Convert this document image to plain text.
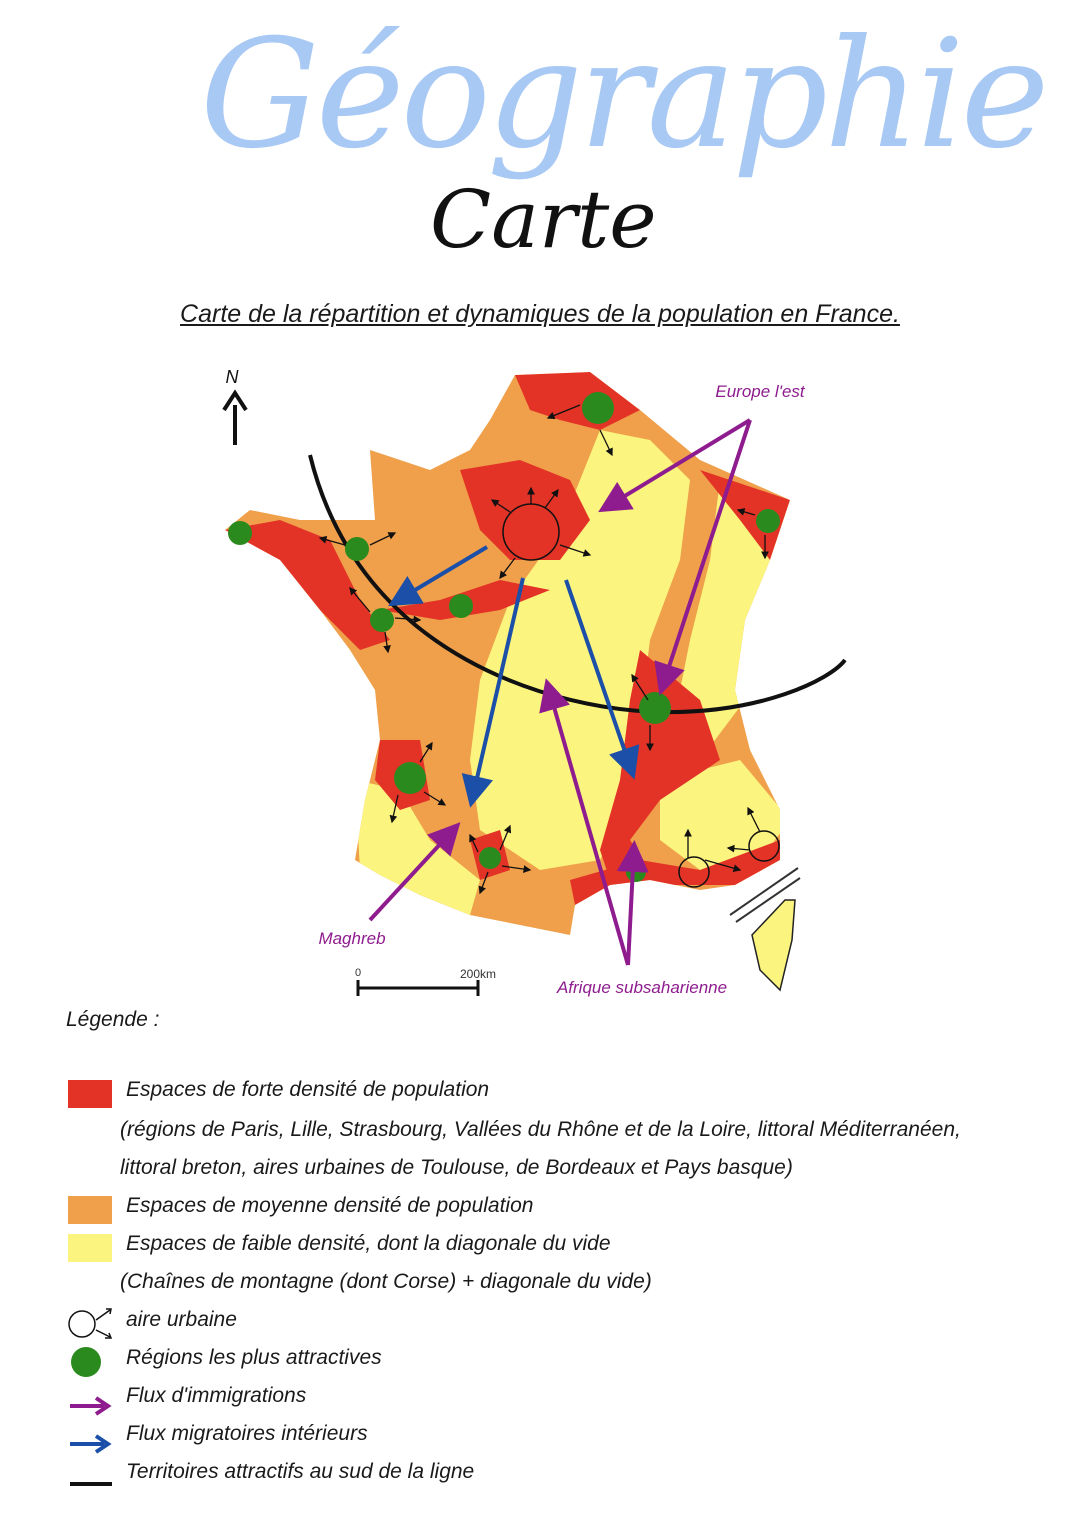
Géographie
Carte
Carte de la répartition et dynamiques de la population en France.
N
Europe l'est
Maghreb
Afrique subsaharienne
0	200km
Légende :
Espaces de forte densité de population
(régions de Paris, Lille, Strasbourg, Vallées du Rhône et de la Loire, littoral Méditerranéen,
littoral breton, aires urbaines de Toulouse, de Bordeaux et Pays basque)
Espaces de moyenne densité de population
Espaces de faible densité, dont la diagonale du vide
(Chaînes de montagne (dont Corse) + diagonale du vide)
aire urbaine
Régions les plus attractives
Flux d'immigrations
Flux migratoires intérieurs
Territoires attractifs au sud de la ligne
